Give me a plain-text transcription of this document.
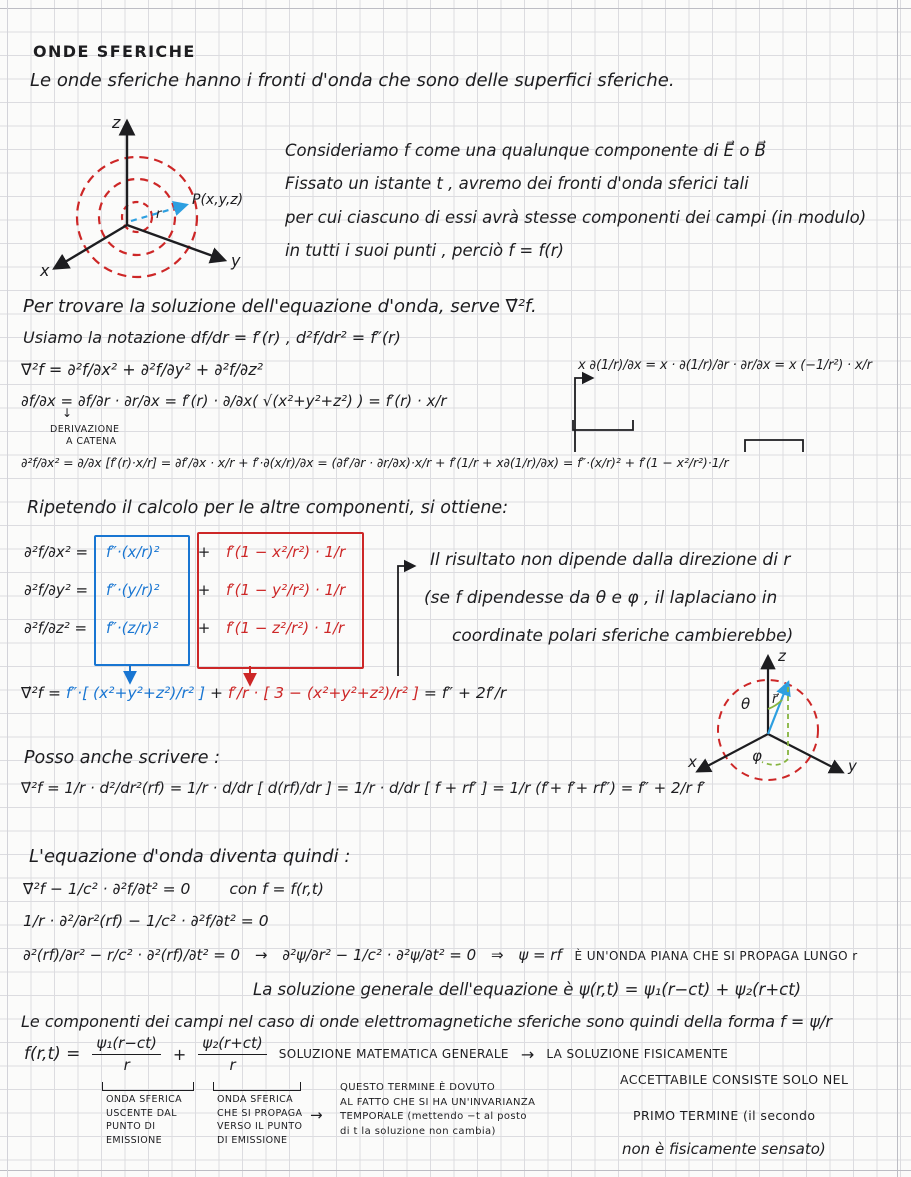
ONDE SFERICHE
Le onde sferiche hanno i fronti d'onda che sono delle superfici sferiche.
z
x
y
r
P(x,y,z)
Consideriamo f come una qualunque componente di E⃗ o B⃗
Fissato un istante t , avremo dei fronti d'onda sferici tali
per cui ciascuno di essi avrà stesse componenti dei campi (in modulo)
in tutti i suoi punti , perciò f = f(r)
Per trovare la soluzione dell'equazione d'onda, serve ∇⃗²f.
Usiamo la notazione df/dr = f′(r) , d²f/dr² = f″(r)
∇⃗²f = ∂²f/∂x² + ∂²f/∂y² + ∂²f/∂z²
∂f/∂x = ∂f/∂r · ∂r/∂x = f′(r) · ∂/∂x( √(x²+y²+z²) ) = f′(r) · x/r
↓
DERIVAZIONE
A CATENA
x ∂(1/r)/∂x = x · ∂(1/r)/∂r · ∂r/∂x = x (−1/r²) · x/r
∂²f/∂x² = ∂/∂x [f′(r)·x/r] = ∂f′/∂x · x/r + f′·∂(x/r)/∂x = (∂f′/∂r · ∂r/∂x)·x/r + f′(1/r + x∂(1/r)/∂x) = f″·(x/r)² + f′(1 − x²/r²)·1/r
Ripetendo il calcolo per le altre componenti, si ottiene:
∂²f/∂x² = f″·(x/r)²	+ f′(1 − x²/r²) · 1/r
∂²f/∂y² = f″·(y/r)²	+ f′(1 − y²/r²) · 1/r
∂²f/∂z² = f″·(z/r)²	+ f′(1 − z²/r²) · 1/r
∇⃗²f = f″·[ (x²+y²+z²)/r² ] + f′/r · [ 3 − (x²+y²+z²)/r² ] = f″ + 2f′/r
Il risultato non dipende dalla direzione di r
(se f dipendesse da θ e φ , il laplaciano in
coordinate polari sferiche cambierebbe)
z
x	y
r⃗
θ
φ
Posso anche scrivere :
∇⃗²f = 1/r · d²/dr²(rf) = 1/r · d/dr [ d(rf)/dr ] = 1/r · d/dr [ f + rf′ ] = 1/r (f′+ f′+ rf″) = f″ + 2/r f′
L'equazione d'onda diventa quindi :
∇⃗²f − 1/c² · ∂²f/∂t² = 0	con f = f(r,t)
1/r · ∂²/∂r²(rf) − 1/c² · ∂²f/∂t² = 0
∂²(rf)/∂r² − r/c² · ∂²(rf)/∂t² = 0 → ∂²ψ/∂r² − 1/c² · ∂²ψ/∂t² = 0 ⇒ ψ = rf È UN'ONDA PIANA CHE SI PROPAGA LUNGO r
La soluzione generale dell'equazione è ψ(r,t) = ψ₁(r−ct) + ψ₂(r+ct)
Le componenti dei campi nel caso di onde elettromagnetiche sferiche sono quindi della forma f = ψ/r
$f(r,t) = \frac{\text{ψ₁(r−ct)}}{r} + \frac{\text{ψ₂(r+ct)}}{r}$ SOLUZIONE MATEMATICA GENERALE → LA SOLUZIONE FISICAMENTE
ONDA SFERICA
USCENTE DAL
PUNTO DI
EMISSIONE
ONDA SFERICA
CHE SI PROPAGA
VERSO IL PUNTO
DI EMISSIONE
→
QUESTO TERMINE È DOVUTO
AL FATTO CHE SI HA UN'INVARIANZA
TEMPORALE (mettendo −t al posto
di t la soluzione non cambia)
ACCETTABILE CONSISTE SOLO NEL
PRIMO TERMINE (il secondo
non è fisicamente sensato)
